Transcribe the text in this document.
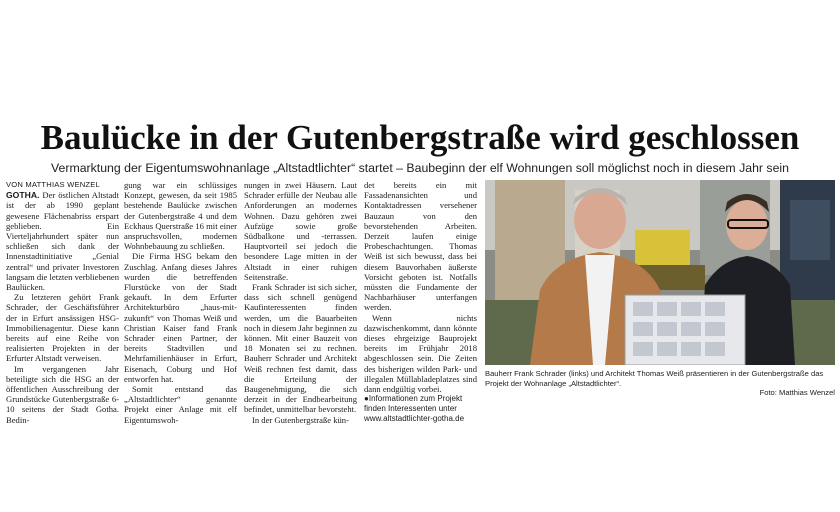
Baulücke in der Gutenbergstraße wird geschlossen
Vermarktung der Eigentumswohnanlage „Altstadtlichter“ startet – Baubeginn der elf Wohnungen soll möglichst noch in diesem Jahr sein

VON MATTHIAS WENZEL

GOTHA. Der östlichen Altstadt ist der ab 1990 geplant gewesene Flächenabriss erspart geblieben. Ein Vierteljahrhundert später nun schließen sich dank der Innenstadtinitiative „Genial zentral“ und privater Investoren langsam die letzten verbliebenen Baulücken.

Zu letzteren gehört Frank Schrader, der Geschäftsführer der in Erfurt ansässigen HSG-Immobilienagentur. Diese kann bereits auf eine Reihe von realisierten Projekten in der Erfurter Altstadt verweisen.

Im vergangenen Jahr beteiligte sich die HSG an der öffentlichen Ausschreibung der Grundstücke Gutenbergstraße 6-10 seitens der Stadt Gotha. Bedin-

gung war ein schlüssiges Konzept, gewesen, da seit 1985 bestehende Baulücke zwischen der Gutenbergstraße 4 und dem Eckhaus Querstraße 16 mit einer anspruchsvollen, modernen Wohnbebauung zu schließen.

Die Firma HSG bekam den Zuschlag. Anfang dieses Jahres wurden die betreffenden Flurstücke von der Stadt gekauft. In dem Erfurter Architekturbüro „haus-mit-zukunft“ von Thomas Weiß und Christian Kaiser fand Frank Schrader einen Partner, der bereits Stadtvillen und Mehrfamilienhäuser in Erfurt, Eisenach, Coburg und Hof entworfen hat.

Somit entstand das „Altstadtlichter“ genannte Projekt einer Anlage mit elf Eigentumswoh-

nungen in zwei Häusern. Laut Schrader erfülle der Neubau alle Anforderungen an modernes Wohnen. Dazu gehören zwei Aufzüge sowie große Südbalkone und -terrassen. Hauptvorteil sei jedoch die besondere Lage mitten in der Altstadt in einer ruhigen Seitenstraße.

Frank Schrader ist sich sicher, dass sich schnell genügend Kaufinteressenten finden werden, um die Bauarbeiten noch in diesem Jahr beginnen zu können. Mit einer Bauzeit von 18 Monaten sei zu rechnen. Bauherr Schrader und Architekt Weiß rechnen fest damit, dass die Erteilung der Baugenehmigung, die sich derzeit in der Endbearbeitung befindet, unmittelbar bevorsteht.

In der Gutenbergstraße kün-

det bereits ein mit Fassadenansichten und Kontaktadressen versehener Bauzaun von den bevorstehenden Arbeiten. Derzeit laufen einige Probeschachtungen. Thomas Weiß ist sich bewusst, dass bei diesem Bauvorhaben äußerste Vorsicht geboten ist. Notfalls müssten die Fundamente der Nachbarhäuser unterfangen werden.

Wenn nichts dazwischenkommt, dann könnte dieses ehrgeizige Bauprojekt bereits im Frühjahr 2018 abgeschlossen sein. Die Zeiten des bisherigen wilden Park- und illegalen Müllabladeplatzes sind dann endgültig vorbei.

●Informationen zum Projekt finden Interessenten unter www.altstadtlichter-gotha.de

Bauherr Frank Schrader (links) und Architekt Thomas Weiß präsentieren in der Gutenbergstraße das Projekt der Wohnanlage „Altstadtlichter“.
Foto: Matthias Wenzel
